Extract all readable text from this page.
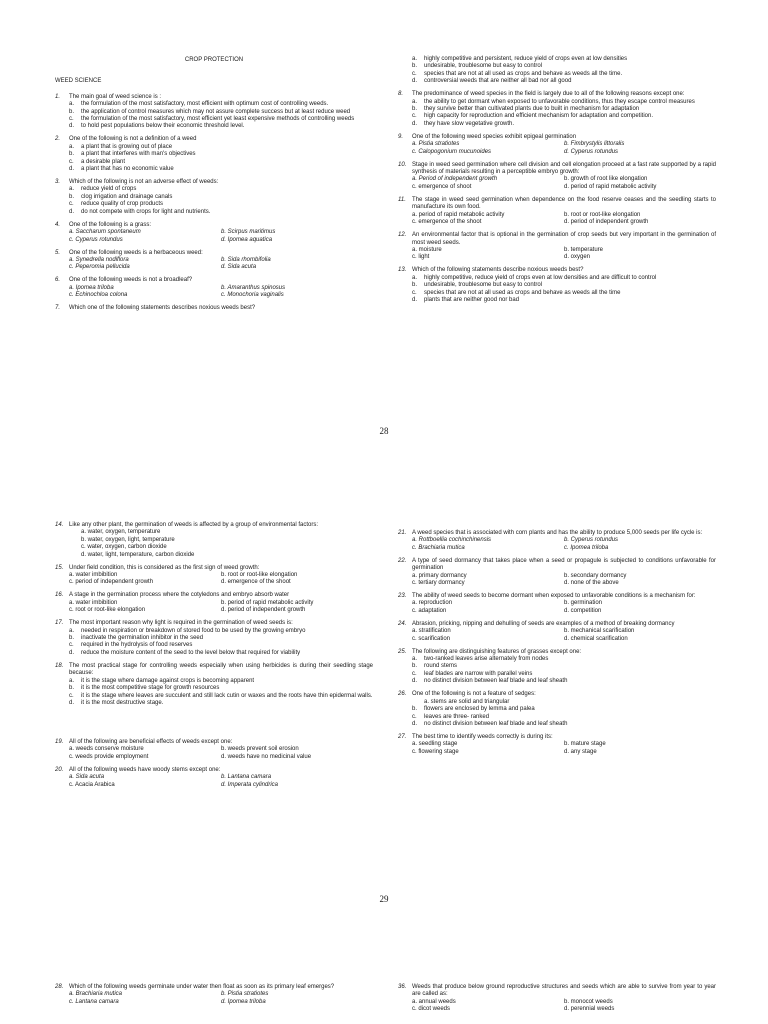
CROP PROTECTION
WEED SCIENCE
1.	The main goal of weed science is :
a.	the formulation of the most satisfactory, most efficient with optimum cost of controlling weeds.
b.	the application of control measures which may not assure complete success but at least reduce weed
c.	the formulation of the most satisfactory, most efficient yet least expensive methods of controlling weeds
d.	to hold pest populations below their economic threshold level.
2.	One of the following is not a definition of a weed
a.	a plant that is growing out of place
b.	a plant that interferes with man's objectives
c.	a desirable plant
d.	a plant that has no economic value
3.	Which of the following is not an adverse effect of weeds:
a.	reduce yield of crops
b.	clog irrigation and drainage canals
c.	reduce quality of crop products
d.	do not compete with crops for light and nutrients.
4.	One of the following is a grass:
a. Saccharum spontaneum	b. Scirpus maritimus
c. Cyperus rotundus	d. Ipomea aquatica
5.	One of the following weeds is a herbaceous weed:
a. Synedrella nodiflora	b. Sida rhombifolia
c. Peperomia pellucida	d. Sida acuta
6.	One of the following weeds is not a broadleaf?
a. Ipomea triloba	b. Amaranthus spinosus
c. Echinochloa colona	c. Monochoria vaginalis
7.	Which one of the following statements describes noxious weeds best?
a.	highly competitive and persistent, reduce yield of crops even at low densities
b.	undesirable, troublesome but easy to control
c.	species that are not at all used as crops and behave as weeds all the time.
d.	controversial weeds that are neither all bad nor all good
8.	The predominance of weed species in the field is largely due to all of the following reasons except one:
a.	the ability to get dormant when exposed to unfavorable conditions, thus they escape control measures
b.	they survive better than cultivated plants due to built in mechanism for adaptation
c.	high capacity for reproduction and efficient mechanism for adaptation and competition.
d.	they have slow vegetative growth.
9.	One of the following weed species exhibit epigeal germination
a. Pistia stratiotes	b. Fimbrystylis littoralis
c. Calopogonium mucunoides	d. Cyperus rotundus
10. Stage in weed seed germination where cell division and cell elongation proceed at a fast rate supported by a rapid synthesis of materials resulting in a perceptible embryo growth:
a. Period of independent growth	b. growth of root like elongation
c. emergence of shoot	d. period of rapid metabolic activity
11.	The stage in weed seed germination when dependence on the food reserve ceases and the seedling starts to manufacture its own food.
a. period of rapid metabolic activity	b. root or root-like elongation
c. emergence of the shoot	d. period of independent growth
12. An environmental factor that is optional in the germination of crop seeds but very important in the germination of most weed seeds.
a. moisture	b. temperature
c. light	d. oxygen
13. Which of the following statements describe noxious weeds best?
a.	highly competitive, reduce yield of crops even at low densities and are difficult to control
b.	undesirable, troublesome but easy to control
c.	species that are not at all used as crops and behave as weeds all the time
d.	plants that are neither good nor bad
28
14. Like any other plant, the germination of weeds is affected by a group of environmental factors:
a. water, oxygen, temperature
b. water, oxygen, light, temperature
c. water, oxygen, carbon dioxide
d. water, light, temperature, carbon dioxide
15. Under field condition, this is considered as the first sign of weed growth:
a. water imbibition	b. root or root-like elongation
c. period of independent growth	d. emergence of the shoot
16. A stage in the germination process where the cotyledons and embryo absorb water
a. water imbibition	b. period of rapid metabolic activity
c. root or root-like elongation	d. period of independent growth
17. The most important reason why light is required in the germination of weed seeds is:
a.	needed in respiration or breakdown of stored food to be used by the growing embryo
b.	inactivate the germination inhibitor in the seed
c.	required in the hydrolysis of food reserves
d.	reduce the moisture content of the seed to the level below that required for viability
18. The most practical stage for controlling weeds especially when using herbicides is during their seedling stage because:
a.	it is the stage where damage against crops is becoming apparent
b.	it is the most competitive stage for growth resources
c.	it is the stage where leaves are succulent and still lack cutin or waxes and the roots have thin epidermal walls.
d.	it is the most destructive stage.
19. All of the following are beneficial effects of weeds except one:
a. weeds conserve moisture	b. weeds prevent soil erosion
c. weeds provide employment	d. weeds have no medicinal value
20. All of the following weeds have woody stems except one:
a. Sida acuta	b. Lantana camara
c. Acacia Arabica	d. Imperata cylindrica
21. A weed species that is associated with corn plants and has the ability to produce 5,000 seeds per life cycle is:
a. Rottboellia cochinchinensis	b. Cyperus rotundus
c. Brachiaria mutica	c. Ipomea triloba
22. A type of seed dormancy that takes place when a seed or propagule is subjected to conditions unfavorable for germination
a. primary dormancy	b. secondary dormancy
c. tertiary dormancy	d. none of the above
23. The ability of weed seeds to become dormant when exposed to unfavorable conditions is a mechanism for:
a. reproduction	b. germination
c. adaptation	d. competition
24. Abrasion, pricking, nipping and dehulling of seeds are examples of a method of breaking dormancy
a. stratification	b. mechanical scarification
c. scarification	d. chemical scarification
25. The following are distinguishing features of grasses except one:
a.	two-ranked leaves arise alternately from nodes
b.	round stems
c.	leaf blades are narrow with parallel veins
d.	no distinct division between leaf blade and leaf sheath
26. One of the following is not a feature of sedges:
a. stems are solid and triangular
b.	flowers are enclosed by lemma and palea
c.	leaves are three- ranked
d.	no distinct division between leaf blade and leaf sheath
27. The best time to identify weeds correctly is during its:
a. seedling stage	b. mature stage
c. flowering stage	d. any stage
29
28. Which of the following weeds germinate under water then float as soon as its primary leaf emerges?
a. Brachiaria mutica	b. Pistia stratiotes
c. Lantana camara	d. Ipomea triloba
36. Weeds that produce below ground reproductive structures and seeds which are able to survive from year to year are called as:
a. annual weeds	b. monocot weeds
c. dicot weeds	d. perennial weeds
